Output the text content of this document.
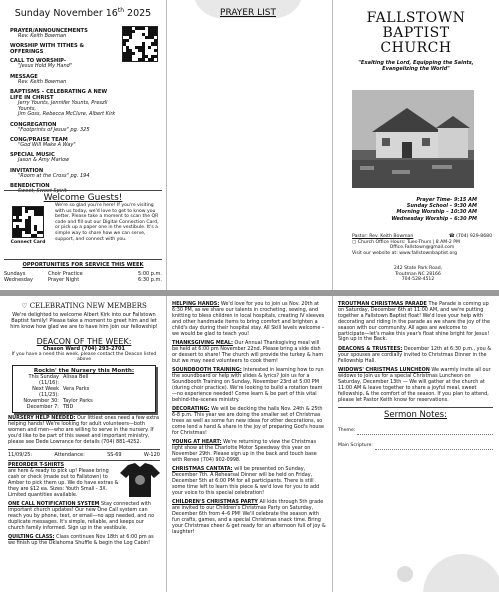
Sunday November 16th 2025
PRAYER/ANNOUNCEMENTS
Rev. Keith Bowman
WORSHIP WITH TITHES & OFFERINGS
CALL TO WORSHIP-
"Jesus Hold My Hand"
MESSAGE
Rev. Keith Bowman
BAPTISMS – CELEBRATING A NEW LIFE IN CHRIST
Jerry Younts, Jennifer Younts, Preszli Younts,
Jim Goss, Rebecca McClure, Albert Kirk
CONGREGATION
"Footprints of Jesus" pg. 325
CONG/PRAISE TEAM
"God Will Make A Way"
SPECIAL MUSIC
Jason & Amy Marlow
INVITATION
"Room at the Cross" pg. 194
BENEDICTION
Welcome Guests!
Connect Card
We're so glad you're here! If you're visiting with us today, we'd love to get to know you better. Please take a moment to scan the QR code and fill out our Digital Connection Card, or pick up a paper one in the vestibule. It's a simple way to share how we can serve, support, and connect with you.
OPPORTUNITIES FOR SERVICE THIS WEEK
Sundays	Choir Practice	5:00 p.m.
Wednesday	Prayer Night	6:30 p.m.
PRAYER LIST	FALLSTOWN BAPTIST
CHURCH
"Exalting the Lord, Equipping the Saints,
Evangelizing the World"
Prayer Time- 9:15 AM
Sunday School – 9:30 AM
Morning Worship – 10:30 AM
Wednesday Worship – 6:30 PM
Pastor: Rev. Keith Bowman	☎ (704) 929-8680
▢ Church Office Hours: Tues-Thurs | 8 AM-2 PM
Office.Fallstown@gmail.com
Visit our website at: www.fallstownbaptist.org
242 State Park Road,
Troutman NC 28166
704-528-4512
♡ CELEBRATING NEW MEMBERS
We're delighted to welcome Albert Kirk into our Fallstown Baptist family! Please take a moment to greet him and let him know how glad we are to have him join our fellowship!
DEACON OF THE WEEK:
Chason Ward (704) 293-2701
If you have a need this week, please contact the Deacon listed above
Rockin' the Nursery this Month:
This Sunday (11/16):
Alissa Bell
Next Week (11/23):
Vera Parks
November 30: Taylor Parks
December 7: TBD
NURSERY HELP NEEDED: Our littlest ones need a few extra helping hands! We're looking for adult volunteers—both women and men—who are willing to serve in the nursery. If you'd like to be part of this sweet and important ministry, please see Dede Lowrance for details (704) 881-4252.
11/09/25:	Attendance:	SS-69	W-120
PREORDER T-SHIRTS
are here & ready to pick up! Please bring cash or check (made out to Fallstown) to Amber to pick them up. We do have extras & they are $12 ea. Sizes: Youth Small - 3X. Limited quantities available.
ONE CALL NOTIFICATION SYSTEM Stay connected with important church updates! Our new One Call system can reach you by phone, text, or email—no app needed, and no duplicate messages. It's simple, reliable, and keeps our church family informed. Sign up in the vestibule.
QUILTING CLASS: Class continues Nov 18th at 6:00 pm as we finish up the Oklahoma Shuffle & begin the Log Cabin!
HELPING HANDS: We'd love for you to join us Nov. 20th at 6:30 PM, as we share our talents in crocheting, sewing, and knitting to bless children in local hospitals, creating IV sleeves and other handmade items to bring comfort and brighten a child's day during their hospital stay. All Skill levels welcome – we would be glad to teach you!
THANKSGIVING MEAL: Our Annual Thanksgiving meal will be held at 6:00 pm November 22nd. Please bring a side dish or dessert to share! The church will provide the turkey & ham but we may need volunteers to cook them!
SOUNDBOOTH TRAINING: Interested in learning how to run the soundboard or help with slides & lyrics? Join us for a Soundbooth Training on Sunday, November 23rd at 5:00 PM (during choir practice). We're looking to build a rotation team—no experience needed! Come learn & be part of this vital behind-the-scenes ministry.
DECORATING: We will be decking the halls Nov. 24th & 25th 6-8 p.m. This year we are doing the smaller set of Christmas trees as well as some fun new ideas for other decorations, so come lend a hand & share in the joy of preparing God's house for Christmas!
YOUNG AT HEART: We're returning to view the Christmas light show at the Charlotte Motor Speedway this year on November 29th. Please sign up in the back and touch base with Renee (704) 902-0998.
CHRISTMAS CANTATA: will be presented on Sunday, December 7th. A Rehearsal Dinner will be held on Friday, December 5th at 6:00 PM for all participants. There is still some time left to learn this piece & we'd love for you to add your voice to this special celebration!
CHILDREN'S CHRISTMAS PARTY All kids through 5th grade are invited to our Children's Christmas Party on Saturday, December 6th from 4–6 PM! We'll celebrate the season with fun crafts, games, and a special Christmas snack time. Bring your Christmas cheer & get ready for an afternoon full of joy & laughter!
TROUTMAN CHRISTMAS PARADE The Parade is coming up on Saturday, December 6th at 11:00 AM, and we're putting together a Fallstown Baptist float! We'd love your help with decorating and riding in the parade as we share the joy of the season with our community. All ages are welcome to participate—let's make this year's float shine bright for Jesus! Sign up in the Back.
DEACONS & TRUSTEES: December 12th at 6:30 p.m., you & your spouses are cordially invited to Christmas Dinner in the Fellowship Hall.
WIDOWS' CHRISTMAS LUNCHEON We warmly invite all our widows to join us for a special Christmas Luncheon on Saturday, December 13th — We will gather at the church at 11:00 AM & leave together to share a joyful meal, sweet fellowship, & the comfort of the season. If you plan to attend, please let Pastor Keith know for reservations.
Sermon Notes:
Theme:
Main Scripture:
